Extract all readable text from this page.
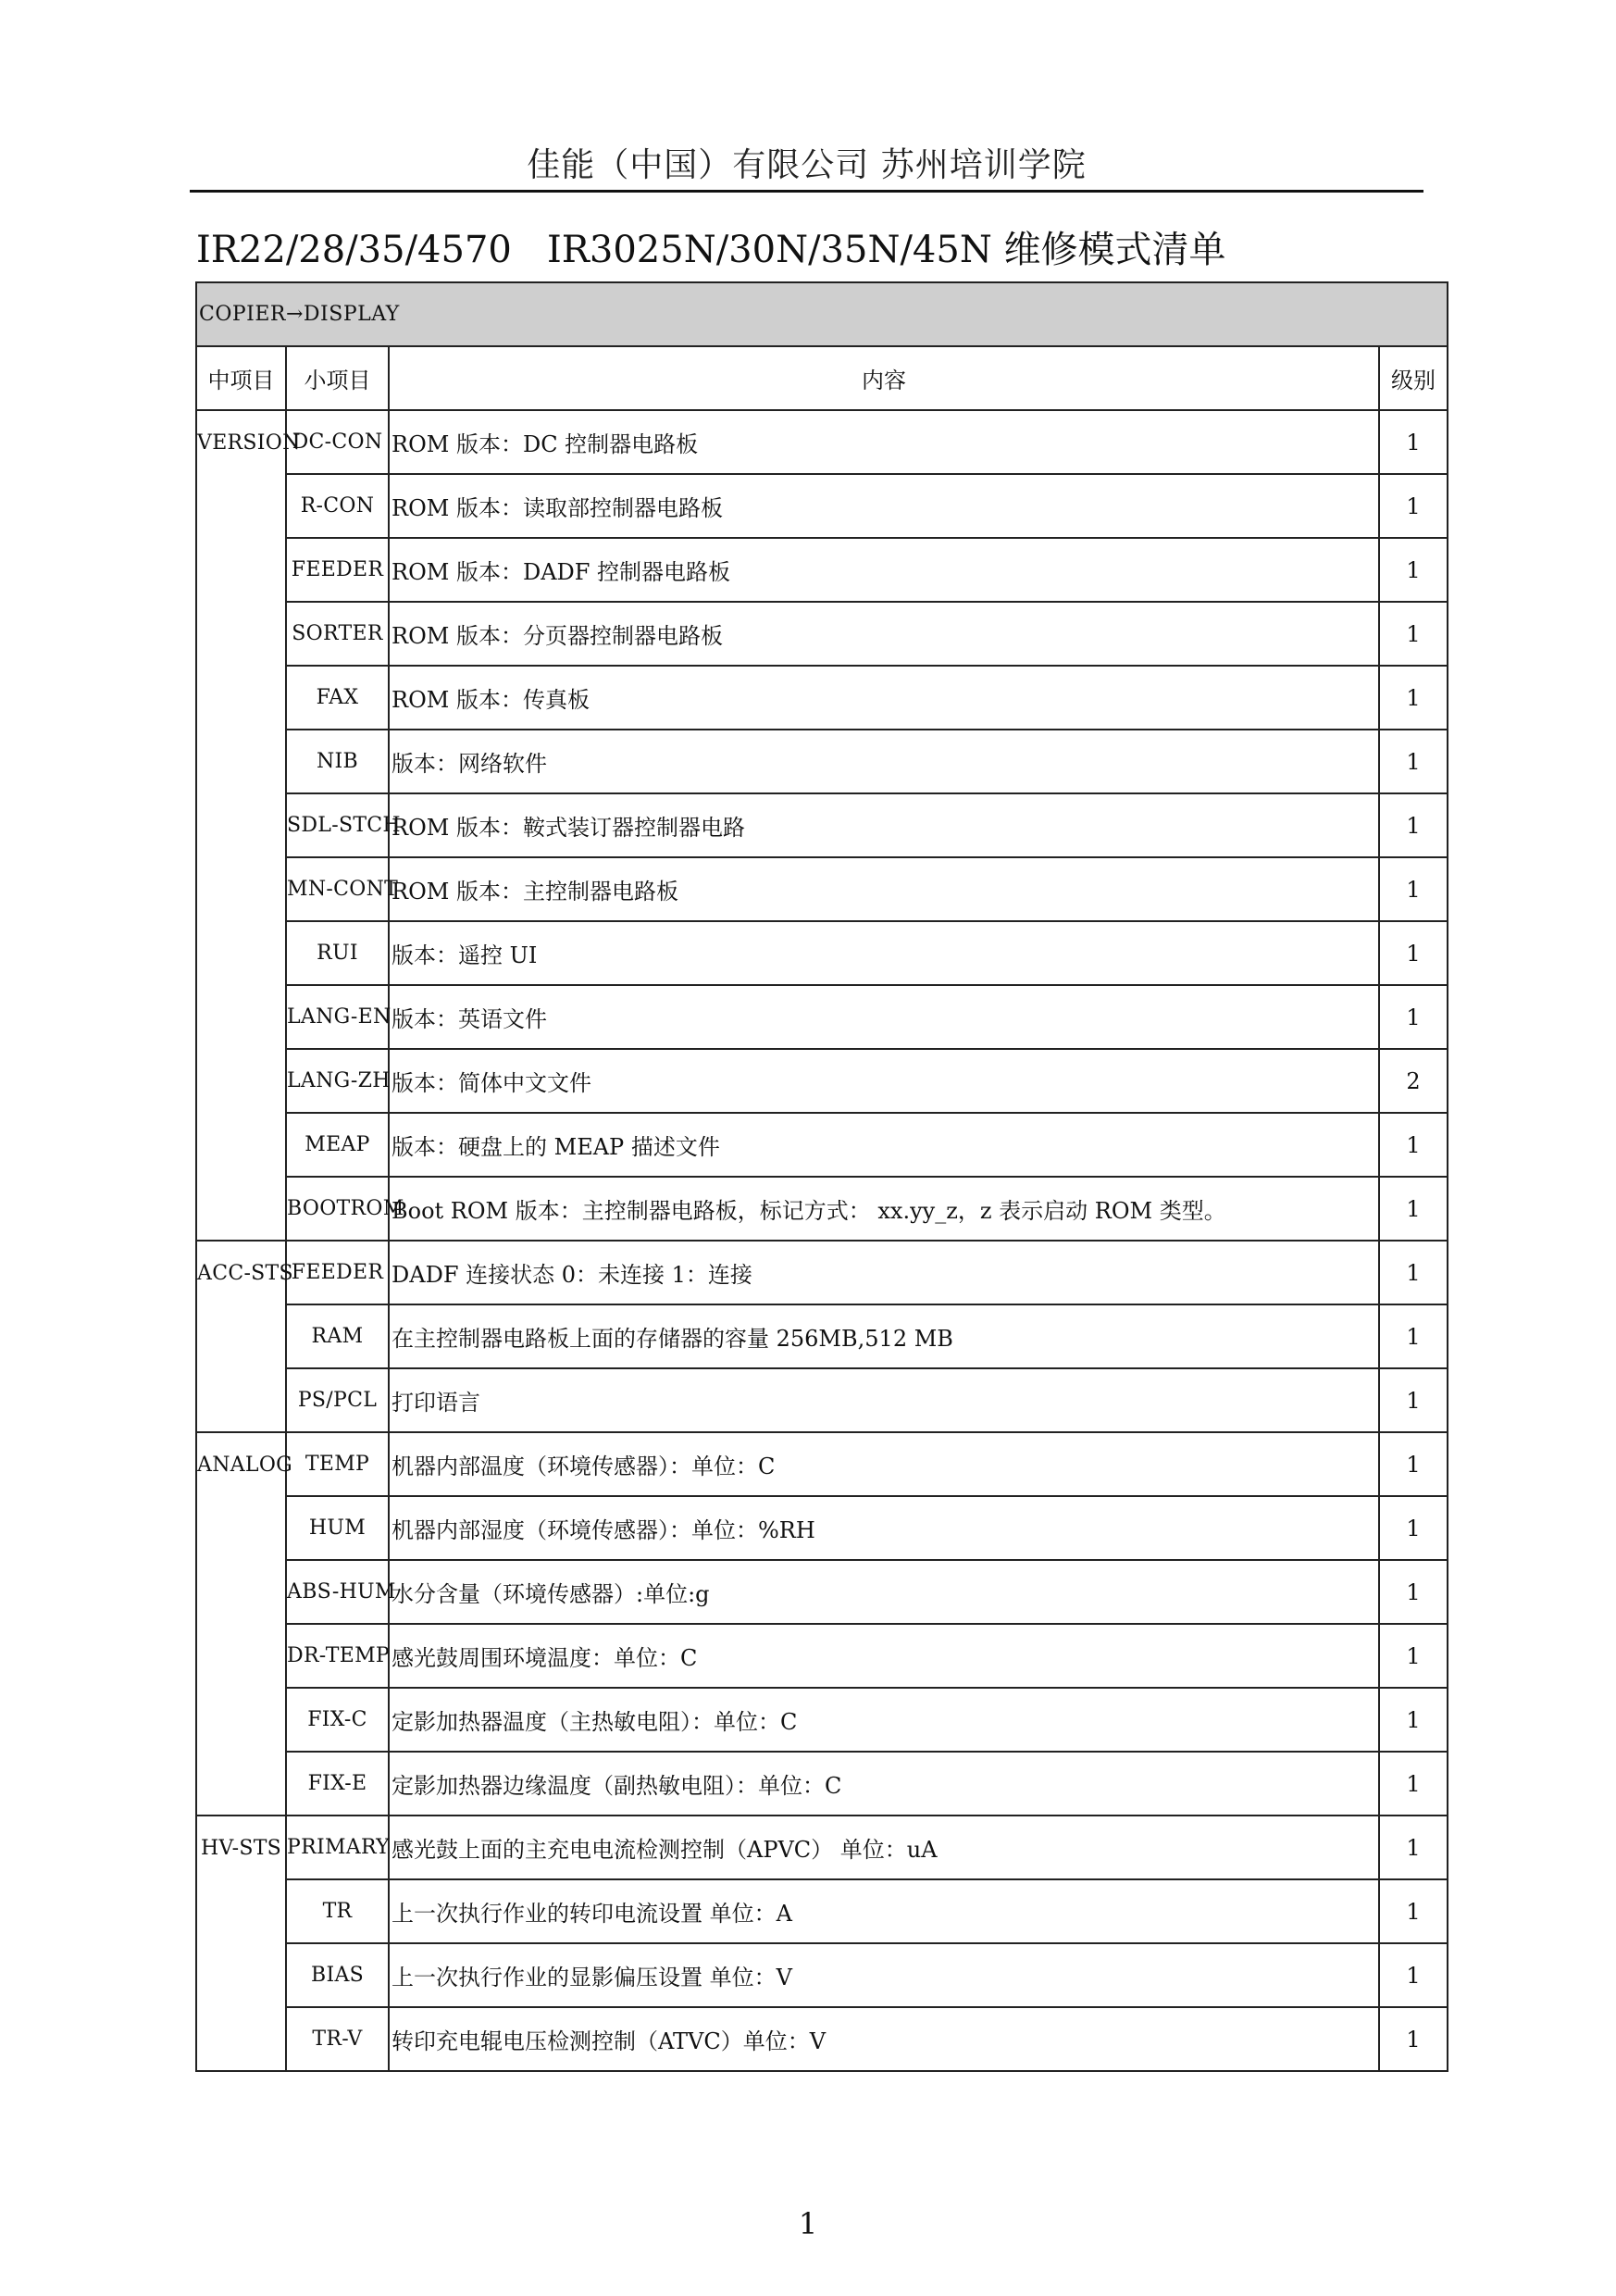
佳能（中国）有限公司 苏州培训学院
IR22/28/35/4570   IR3025N/30N/35N/45N 维修模式清单
COPIER→DISPLAY			
中项目	小项目	内容	级别
VERSION	DC-CON	ROM 版本：DC 控制器电路板	1
	R-CON	ROM 版本：读取部控制器电路板	1
	FEEDER	ROM 版本：DADF 控制器电路板	1
	SORTER	ROM 版本：分页器控制器电路板	1
	FAX	ROM 版本：传真板	1
	NIB	版本：网络软件	1
	SDL-STCH	ROM 版本：鞍式装订器控制器电路	1
	MN-CONT	ROM 版本：主控制器电路板	1
	RUI	版本：遥控 UI	1
	LANG-EN	版本：英语文件	1
	LANG-ZH	版本：简体中文文件	2
	MEAP	版本：硬盘上的 MEAP 描述文件	1
	BOOTROM	Boot ROM 版本：主控制器电路板，标记方式： xx.yy_z，z 表示启动 ROM 类型。	1
ACC-STS	FEEDER	DADF 连接状态 0：未连接 1：连接	1
	RAM	在主控制器电路板上面的存储器的容量 256MB,512 MB	1
	PS/PCL	打印语言	1
ANALOG	TEMP	机器内部温度（环境传感器）：单位：C	1
	HUM	机器内部湿度（环境传感器）：单位：%RH	1
	ABS-HUM	水分含量（环境传感器）:单位:g	1
	DR-TEMP	感光鼓周围环境温度：单位：C	1
	FIX-C	定影加热器温度（主热敏电阻）：单位：C	1
	FIX-E	定影加热器边缘温度（副热敏电阻）：单位：C	1
HV-STS	PRIMARY	感光鼓上面的主充电电流检测控制（APVC） 单位：uA	1
	TR	上一次执行作业的转印电流设置 单位：A	1
	BIAS	上一次执行作业的显影偏压设置 单位：V	1
	TR-V	转印充电辊电压检测控制（ATVC）单位：V	1
1
